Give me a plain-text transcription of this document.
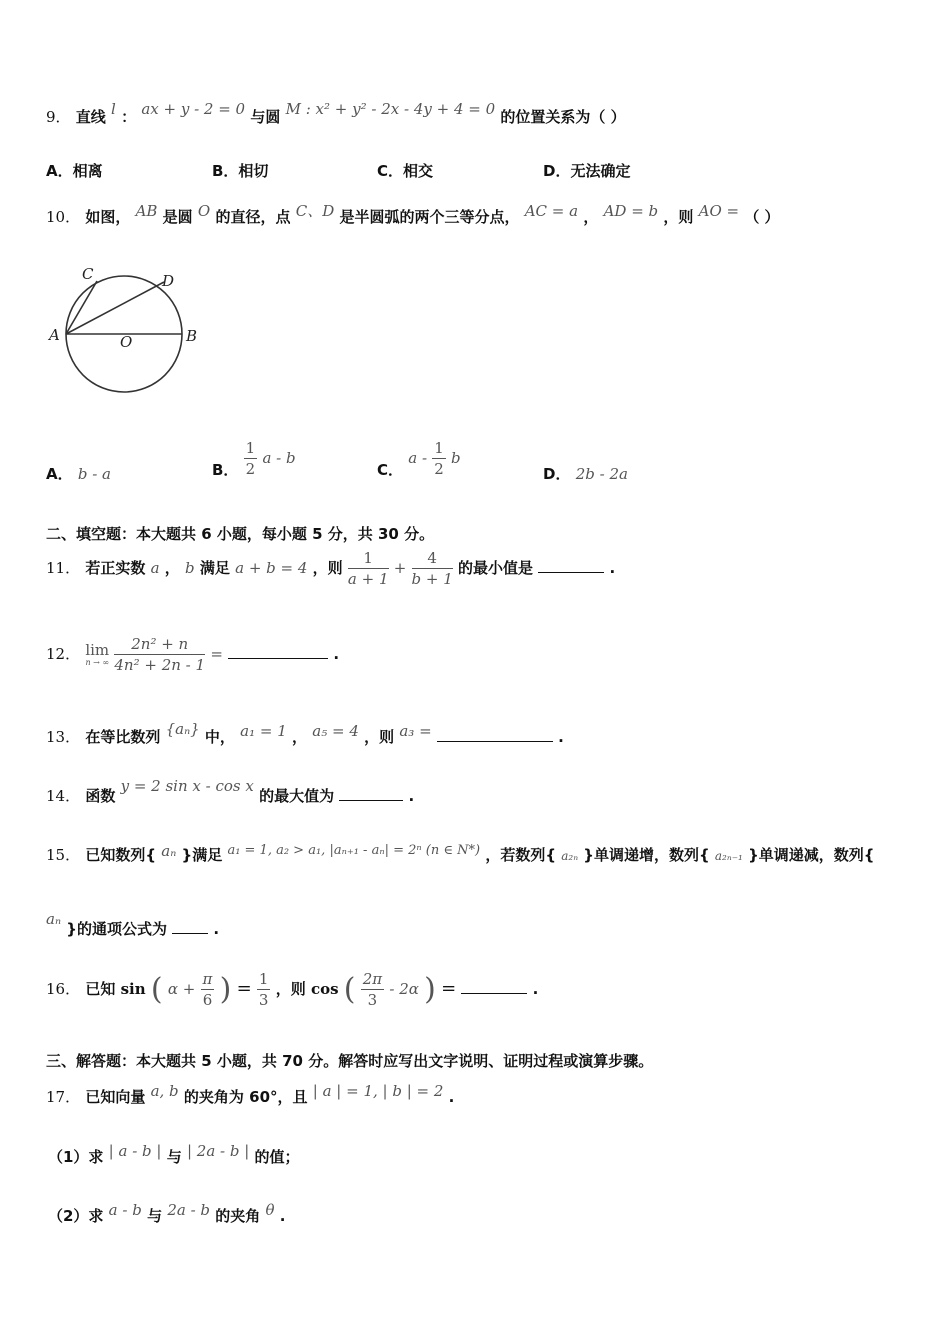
9． 直线 l ： ax + y - 2 = 0 与圆 M : x² + y² - 2x - 4y + 4 = 0 的位置关系为（ ）
A．相离	B．相切	C．相交	D．无法确定
10． 如图， AB 是圆 O 的直径，点 C、D 是半圆弧的两个三等分点， AC = a ， AD = b ，则 AO = （ ）
A	B
C	D
O
A． b - a	B． $\frac{1}{2}$ a - b
C． a - $\frac{1}{2}$ b
D． 2b - 2a
二、填空题：本大题共 6 小题，每小题 5 分，共 30 分。
11． 若正实数 a ， b 满足 a + b = 4 ，则 $\frac{1}{a + 1} + \frac{4}{b + 1}$ 的最小值是	.
12． lim
n → ∞
$\frac{\text{2n² + n}}{\text{4n² + 2n - 1}}$ =	.
13． 在等比数列 {aₙ} 中， a₁ = 1 ， a₅ = 4 ，则 a₃ =	.
14． 函数 y = 2 sin x - cos x 的最大值为	.
15． 已知数列{ aₙ }满足 a₁ = 1, a₂ > a₁, |aₙ₊₁ - aₙ| = 2ⁿ (n ∈ N*) ，若数列{ a₂ₙ }单调递增，数列{ a₂ₙ₋₁ }单调递减，数列{
aₙ }的通项公式为	.
16． 已知 sin ( $\alpha + \frac{\pi}{6}$ ) = $\frac{1}{3}$ ，则 cos ( $\frac{2\pi}{3} - 2\alpha$ ) =	.
三、解答题：本大题共 5 小题，共 70 分。解答时应写出文字说明、证明过程或演算步骤。
17． 已知向量 a, b 的夹角为 60°，且 | a | = 1, | b | = 2 .
（1）求 | a - b | 与 | 2a - b | 的值；
（2）求 a - b 与 2a - b 的夹角 θ .
